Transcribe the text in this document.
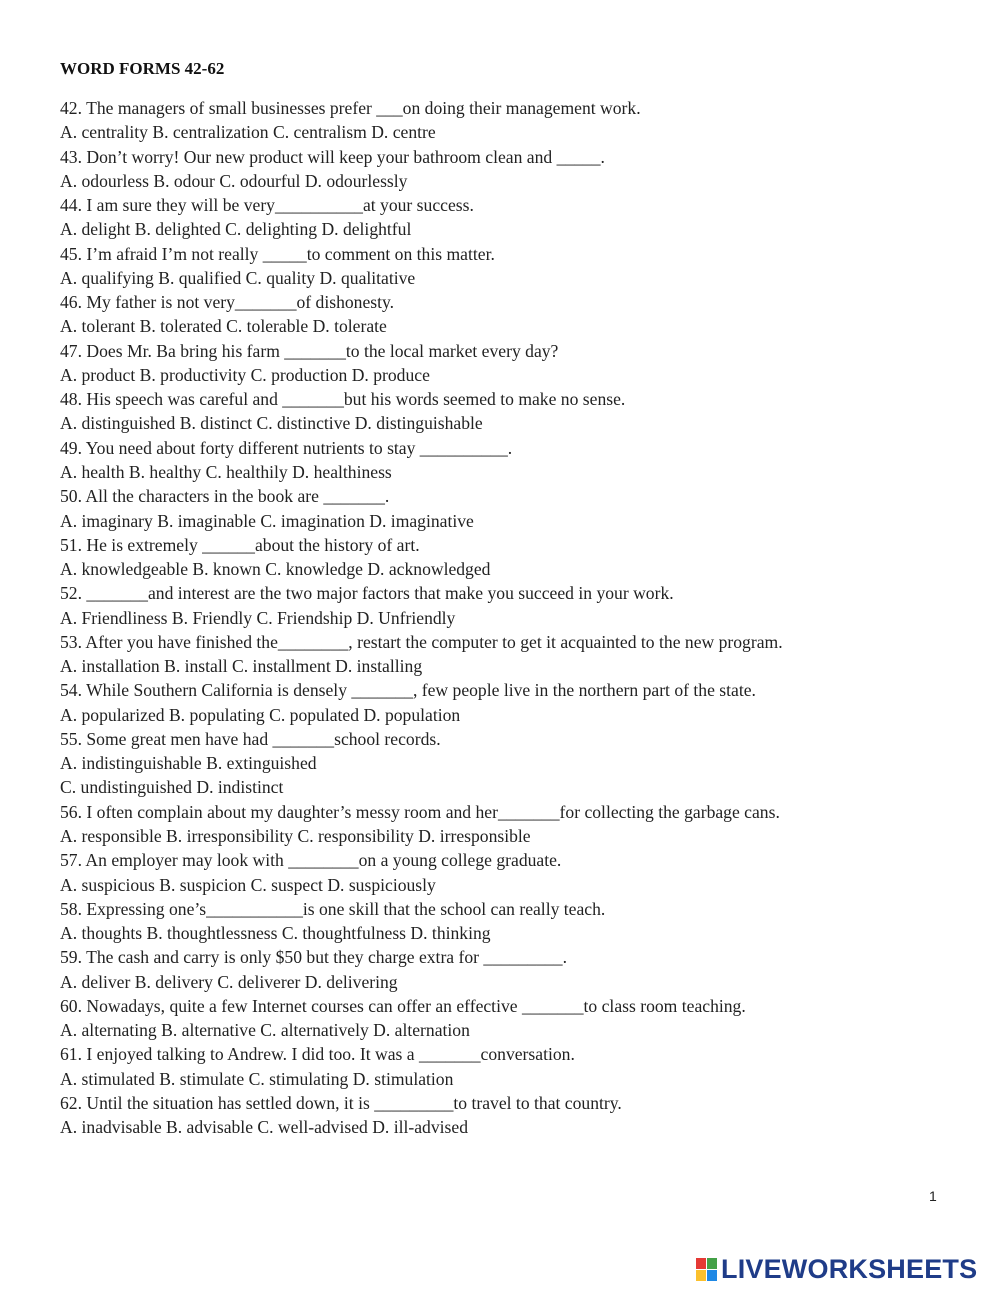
WORD FORMS 42-62
42. The managers of small businesses prefer ___on doing their management work.
A. centrality B. centralization C. centralism D. centre
43. Don’t worry! Our new product will keep your bathroom clean and _____.
A. odourless B. odour C. odourful D. odourlessly
44. I am sure they will be very__________at your success.
A. delight B. delighted C. delighting D. delightful
45. I’m afraid I’m not really _____to comment on this matter.
A. qualifying B. qualified C. quality D. qualitative
46. My father is not very_______of dishonesty.
A. tolerant B. tolerated C. tolerable D. tolerate
47. Does Mr. Ba bring his farm _______to the local market every day?
A. product B. productivity C. production D. produce
48. His speech was careful and _______but his words seemed to make no sense.
A. distinguished B. distinct C. distinctive D. distinguishable
49. You need about forty different nutrients to stay __________.
A. health B. healthy C. healthily D. healthiness
50. All the characters in the book are _______.
A. imaginary B. imaginable C. imagination D. imaginative
51. He is extremely ______about the history of art.
A. knowledgeable B. known C. knowledge D. acknowledged
52. _______and interest are the two major factors that make you succeed in your work.
A. Friendliness B. Friendly C. Friendship D. Unfriendly
53. After you have finished the________, restart the computer to get it acquainted to the new program.
A. installation B. install C. installment D. installing
54. While Southern California is densely _______, few people live in the northern part of the state.
A. popularized B. populating C. populated D. population
55. Some great men have had _______school records.
A. indistinguishable B. extinguished
C. undistinguished D. indistinct
56. I often complain about my daughter’s messy room and her_______for collecting the garbage cans.
A. responsible B. irresponsibility C. responsibility D. irresponsible
57. An employer may look with ________on a young college graduate.
A. suspicious B. suspicion C. suspect D. suspiciously
58. Expressing one’s___________is one skill that the school can really teach.
A. thoughts B. thoughtlessness C. thoughtfulness D. thinking
59. The cash and carry is only $50 but they charge extra for _________.
A. deliver B. delivery C. deliverer D. delivering
60. Nowadays, quite a few Internet courses can offer an effective _______to class room teaching.
A. alternating B. alternative C. alternatively D. alternation
61. I enjoyed talking to Andrew. I did too. It was a _______conversation.
A. stimulated B. stimulate C. stimulating D. stimulation
62. Until the situation has settled down, it is _________to travel to that country.
A. inadvisable B. advisable C. well-advised D. ill-advised
1
LIVEWORKSHEETS
